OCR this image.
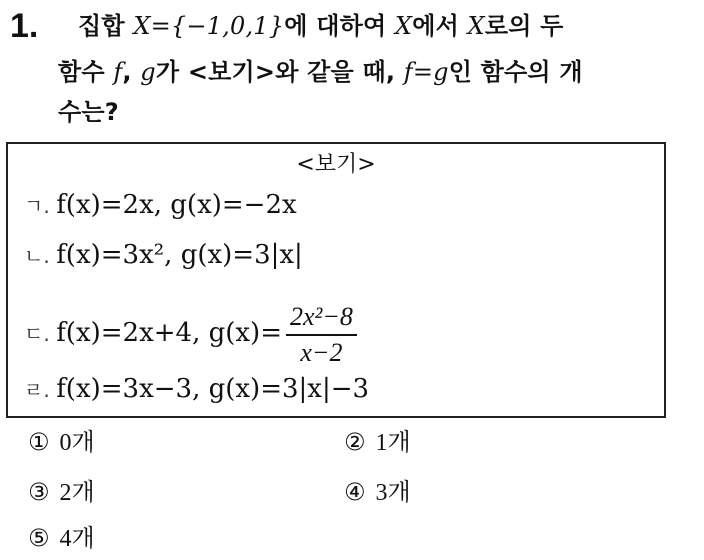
1. 집합 X={−1,0,1}에 대하여 X에서 X로의 두
함수 f, g가 <보기>와 같을 때, f=g인 함수의 개
수는?
<보기>
ㄱ. f(x)=2x, g(x)=−2x
ㄴ. f(x)=3x², g(x)=3|x|
ㄷ. f(x)=2x+4, $g(x)= \frac{\text{2x²−8}}{x-2}$
ㄹ. f(x)=3x−3, g(x)=3|x|−3
① 0개	② 1개
③ 2개	④ 3개
⑤ 4개
